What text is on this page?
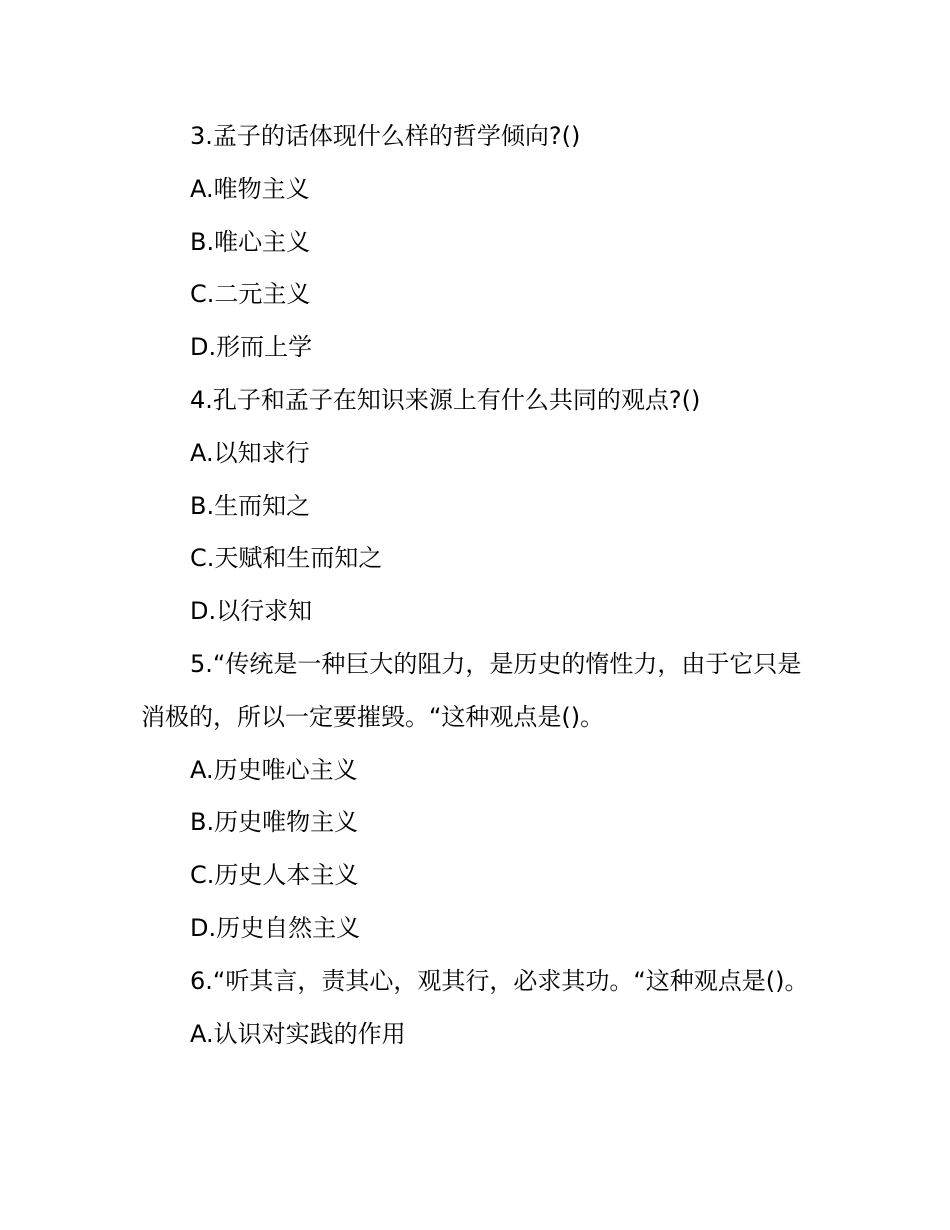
3.孟子的话体现什么样的哲学倾向?()

A.唯物主义

B.唯心主义

C.二元主义

D.形而上学

4.孔子和孟子在知识来源上有什么共同的观点?()

A.以知求行

B.生而知之

C.天赋和生而知之

D.以行求知

5.“传统是一种巨大的阻力，是历史的惰性力，由于它只是消极的，所以一定要摧毁。“这种观点是()。

A.历史唯心主义

B.历史唯物主义

C.历史人本主义

D.历史自然主义

6.“听其言，责其心，观其行，必求其功。“这种观点是()。

A.认识对实践的作用
